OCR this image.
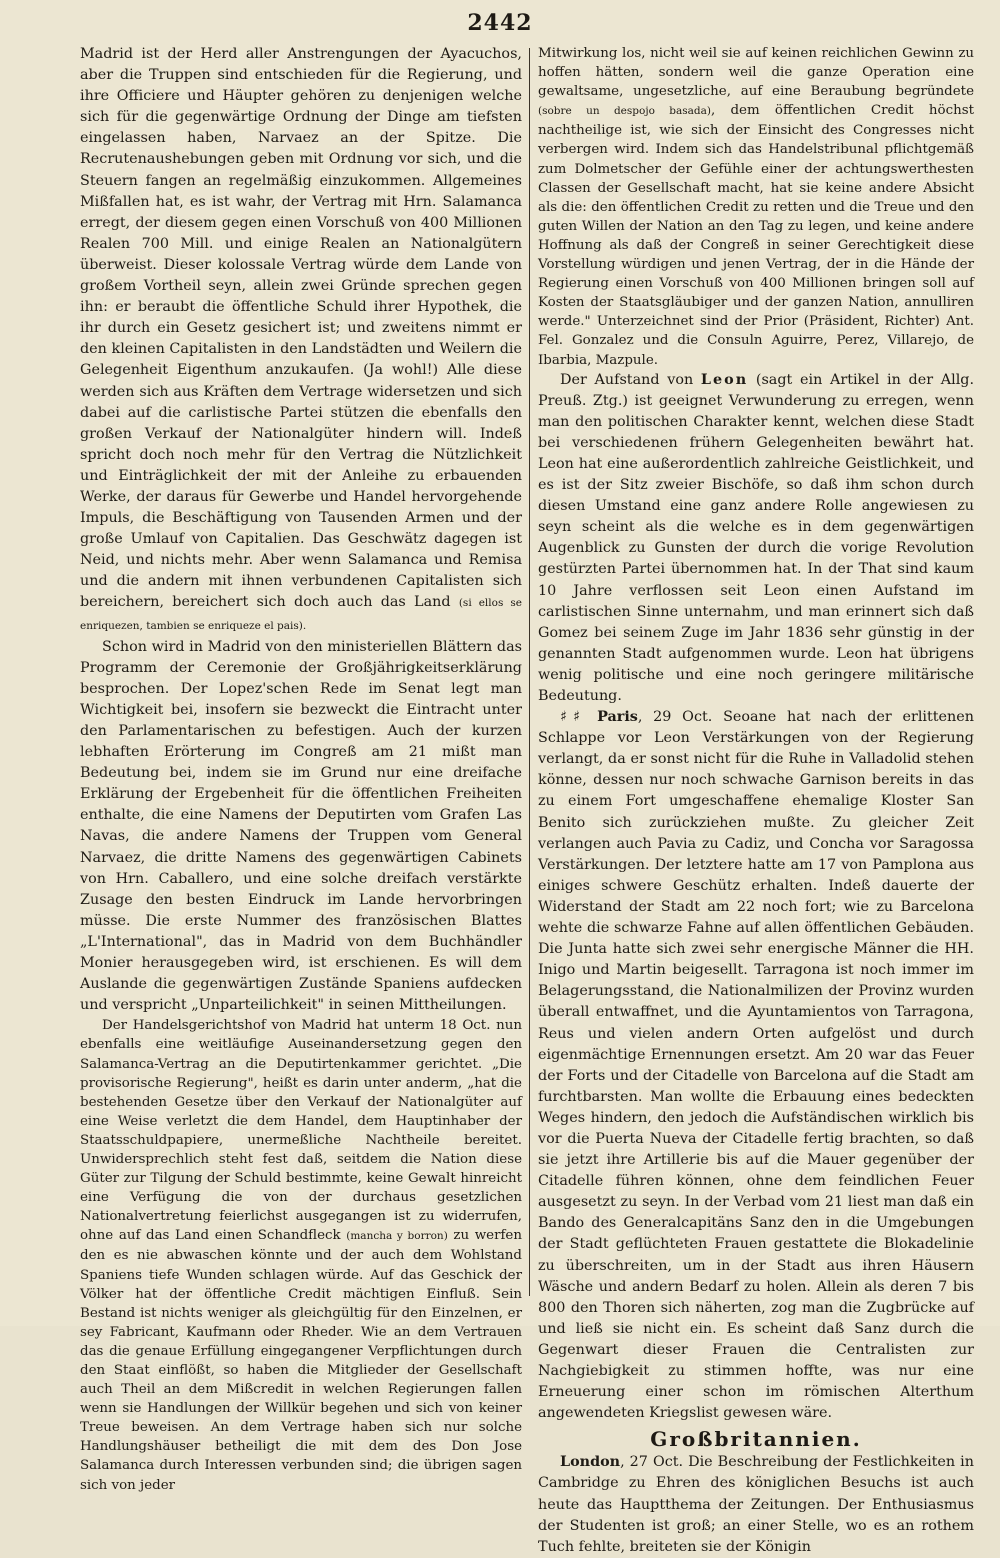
2442

Madrid ist der Herd aller Anstrengungen der Ayacuchos, aber die Truppen sind entschieden für die Regierung, und ihre Officiere und Häupter gehören zu denjenigen welche sich für die gegenwärtige Ordnung der Dinge am tiefsten eingelassen haben, Narvaez an der Spitze. Die Recrutenaushebungen geben mit Ordnung vor sich, und die Steuern fangen an regelmäßig einzukommen. Allgemeines Mißfallen hat, es ist wahr, der Vertrag mit Hrn. Salamanca erregt, der diesem gegen einen Vorschuß von 400 Millionen Realen 700 Mill. und einige Realen an Nationalgütern überweist. Dieser kolossale Vertrag würde dem Lande von großem Vortheil seyn, allein zwei Gründe sprechen gegen ihn: er beraubt die öffentliche Schuld ihrer Hypothek, die ihr durch ein Gesetz gesichert ist; und zweitens nimmt er den kleinen Capitalisten in den Landstädten und Weilern die Gelegenheit Eigenthum anzukaufen. (Ja wohl!) Alle diese werden sich aus Kräften dem Vertrage widersetzen und sich dabei auf die carlistische Partei stützen die ebenfalls den großen Verkauf der Nationalgüter hindern will. Indeß spricht doch noch mehr für den Vertrag die Nützlichkeit und Einträglichkeit der mit der Anleihe zu erbauenden Werke, der daraus für Gewerbe und Handel hervorgehende Impuls, die Beschäftigung von Tausenden Armen und der große Umlauf von Capitalien. Das Geschwätz dagegen ist Neid, und nichts mehr. Aber wenn Salamanca und Remisa und die andern mit ihnen verbundenen Capitalisten sich bereichern, bereichert sich doch auch das Land (si ellos se enriquezen, tambien se enriqueze el pais).

Schon wird in Madrid von den ministeriellen Blättern das Programm der Ceremonie der Großjährigkeitserklärung besprochen. Der Lopez'schen Rede im Senat legt man Wichtigkeit bei, insofern sie bezweckt die Eintracht unter den Parlamentarischen zu befestigen. Auch der kurzen lebhaften Erörterung im Congreß am 21 mißt man Bedeutung bei, indem sie im Grund nur eine dreifache Erklärung der Ergebenheit für die öffentlichen Freiheiten enthalte, die eine Namens der Deputirten vom Grafen Las Navas, die andere Namens der Truppen vom General Narvaez, die dritte Namens des gegenwärtigen Cabinets von Hrn. Caballero, und eine solche dreifach verstärkte Zusage den besten Eindruck im Lande hervorbringen müsse. Die erste Nummer des französischen Blattes „L'International", das in Madrid von dem Buchhändler Monier herausgegeben wird, ist erschienen. Es will dem Auslande die gegenwärtigen Zustände Spaniens aufdecken und verspricht „Unparteilichkeit" in seinen Mittheilungen.

Der Handelsgerichtshof von Madrid hat unterm 18 Oct. nun ebenfalls eine weitläufige Auseinandersetzung gegen den Salamanca-Vertrag an die Deputirtenkammer gerichtet. „Die provisorische Regierung", heißt es darin unter anderm, „hat die bestehenden Gesetze über den Verkauf der Nationalgüter auf eine Weise verletzt die dem Handel, dem Hauptinhaber der Staatsschuldpapiere, unermeßliche Nachtheile bereitet. Unwidersprechlich steht fest daß, seitdem die Nation diese Güter zur Tilgung der Schuld bestimmte, keine Gewalt hinreicht eine Verfügung die von der durchaus gesetzlichen Nationalvertretung feierlichst ausgegangen ist zu widerrufen, ohne auf das Land einen Schandfleck (mancha y borron) zu werfen den es nie abwaschen könnte und der auch dem Wohlstand Spaniens tiefe Wunden schlagen würde. Auf das Geschick der Völker hat der öffentliche Credit mächtigen Einfluß. Sein Bestand ist nichts weniger als gleichgültig für den Einzelnen, er sey Fabricant, Kaufmann oder Rheder. Wie an dem Vertrauen das die genaue Erfüllung eingegangener Verpflichtungen durch den Staat einflößt, so haben die Mitglieder der Gesellschaft auch Theil an dem Mißcredit in welchen Regierungen fallen wenn sie Handlungen der Willkür begehen und sich von keiner Treue beweisen. An dem Vertrage haben sich nur solche Handlungshäuser betheiligt die mit dem des Don Jose Salamanca durch Interessen verbunden sind; die übrigen sagen sich von jeder

Mitwirkung los, nicht weil sie auf keinen reichlichen Gewinn zu hoffen hätten, sondern weil die ganze Operation eine gewaltsame, ungesetzliche, auf eine Beraubung begründete (sobre un despojo basada), dem öffentlichen Credit höchst nachtheilige ist, wie sich der Einsicht des Congresses nicht verbergen wird. Indem sich das Handelstribunal pflichtgemäß zum Dolmetscher der Gefühle einer der achtungswerthesten Classen der Gesellschaft macht, hat sie keine andere Absicht als die: den öffentlichen Credit zu retten und die Treue und den guten Willen der Nation an den Tag zu legen, und keine andere Hoffnung als daß der Congreß in seiner Gerechtigkeit diese Vorstellung würdigen und jenen Vertrag, der in die Hände der Regierung einen Vorschuß von 400 Millionen bringen soll auf Kosten der Staatsgläubiger und der ganzen Nation, annulliren werde." Unterzeichnet sind der Prior (Präsident, Richter) Ant. Fel. Gonzalez und die Consuln Aguirre, Perez, Villarejo, de Ibarbia, Mazpule.

Der Aufstand von Leon (sagt ein Artikel in der Allg. Preuß. Ztg.) ist geeignet Verwunderung zu erregen, wenn man den politischen Charakter kennt, welchen diese Stadt bei verschiedenen frühern Gelegenheiten bewährt hat. Leon hat eine außerordentlich zahlreiche Geistlichkeit, und es ist der Sitz zweier Bischöfe, so daß ihm schon durch diesen Umstand eine ganz andere Rolle angewiesen zu seyn scheint als die welche es in dem gegenwärtigen Augenblick zu Gunsten der durch die vorige Revolution gestürzten Partei übernommen hat. In der That sind kaum 10 Jahre verflossen seit Leon einen Aufstand im carlistischen Sinne unternahm, und man erinnert sich daß Gomez bei seinem Zuge im Jahr 1836 sehr günstig in der genannten Stadt aufgenommen wurde. Leon hat übrigens wenig politische und eine noch geringere militärische Bedeutung.

♯♯ Paris, 29 Oct. Seoane hat nach der erlittenen Schlappe vor Leon Verstärkungen von der Regierung verlangt, da er sonst nicht für die Ruhe in Valladolid stehen könne, dessen nur noch schwache Garnison bereits in das zu einem Fort umgeschaffene ehemalige Kloster San Benito sich zurückziehen mußte. Zu gleicher Zeit verlangen auch Pavia zu Cadiz, und Concha vor Saragossa Verstärkungen. Der letztere hatte am 17 von Pamplona aus einiges schwere Geschütz erhalten. Indeß dauerte der Widerstand der Stadt am 22 noch fort; wie zu Barcelona wehte die schwarze Fahne auf allen öffentlichen Gebäuden. Die Junta hatte sich zwei sehr energische Männer die HH. Inigo und Martin beigesellt. Tarragona ist noch immer im Belagerungsstand, die Nationalmilizen der Provinz wurden überall entwaffnet, und die Ayuntamientos von Tarragona, Reus und vielen andern Orten aufgelöst und durch eigenmächtige Ernennungen ersetzt. Am 20 war das Feuer der Forts und der Citadelle von Barcelona auf die Stadt am furchtbarsten. Man wollte die Erbauung eines bedeckten Weges hindern, den jedoch die Aufständischen wirklich bis vor die Puerta Nueva der Citadelle fertig brachten, so daß sie jetzt ihre Artillerie bis auf die Mauer gegenüber der Citadelle führen können, ohne dem feindlichen Feuer ausgesetzt zu seyn. In der Verbad vom 21 liest man daß ein Bando des Generalcapitäns Sanz den in die Umgebungen der Stadt geflüchteten Frauen gestattete die Blokadelinie zu überschreiten, um in der Stadt aus ihren Häusern Wäsche und andern Bedarf zu holen. Allein als deren 7 bis 800 den Thoren sich näherten, zog man die Zugbrücke auf und ließ sie nicht ein. Es scheint daß Sanz durch die Gegenwart dieser Frauen die Centralisten zur Nachgiebigkeit zu stimmen hoffte, was nur eine Erneuerung einer schon im römischen Alterthum angewendeten Kriegslist gewesen wäre.

Großbritannien.

London, 27 Oct. Die Beschreibung der Festlichkeiten in Cambridge zu Ehren des königlichen Besuchs ist auch heute das Hauptthema der Zeitungen. Der Enthusiasmus der Studenten ist groß; an einer Stelle, wo es an rothem Tuch fehlte, breiteten sie der Königin
